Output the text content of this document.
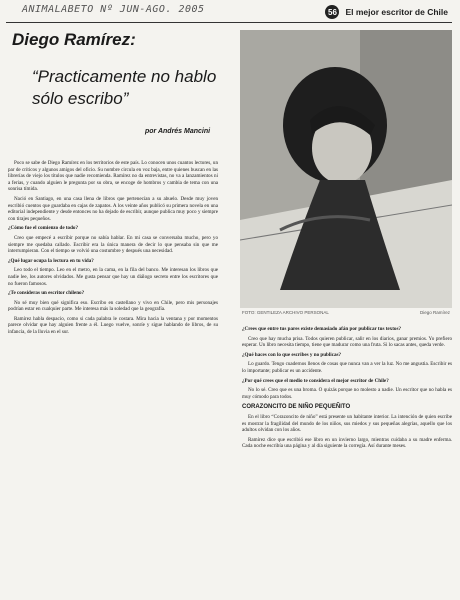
ANIMALABETO Nº JUN-AGO. 2005	56 El mejor escritor de Chile
Diego Ramírez:
“Practicamente no hablo sólo escribo”
por Andrés Mancini
FOTO: GENTILEZA ARCHIVO PERSONAL	Diego Ramírez

Poco se sabe de Diego Ramírez en los territorios de este país. Lo conocen unos cuantos lectores, un par de críticos y algunos amigos del oficio. Su nombre circula en voz baja, entre quienes buscan en las librerías de viejo los títulos que nadie recomienda. Ramírez no da entrevistas, no va a lanzamientos ni a ferias, y cuando alguien le pregunta por su obra, se encoge de hombros y cambia de tema con una sonrisa tímida.

Nació en Santiago, en una casa llena de libros que pertenecían a su abuelo. Desde muy joven escribió cuentos que guardaba en cajas de zapatos. A los veinte años publicó su primera novela en una editorial independiente y desde entonces no ha dejado de escribir, aunque publica muy poco y siempre con tirajes pequeños.

¿Cómo fue el comienzo de todo?

Creo que empecé a escribir porque no sabía hablar. En mi casa se conversaba mucho, pero yo siempre me quedaba callado. Escribir era la única manera de decir lo que pensaba sin que me interrumpieran. Con el tiempo se volvió una costumbre y después una necesidad.

¿Qué lugar ocupa la lectura en tu vida?

Leo todo el tiempo. Leo en el metro, en la cama, en la fila del banco. Me interesan los libros que nadie lee, los autores olvidados. Me gusta pensar que hay un diálogo secreto entre los escritores que no fueron famosos.

¿Te consideras un escritor chileno?

No sé muy bien qué significa eso. Escribo en castellano y vivo en Chile, pero mis personajes podrían estar en cualquier parte. Me interesa más la soledad que la geografía.

Ramírez habla despacio, como si cada palabra le costara. Mira hacia la ventana y por momentos parece olvidar que hay alguien frente a él. Luego vuelve, sonríe y sigue hablando de libros, de su infancia, de la lluvia en el sur.

¿Crees que entre tus pares existe demasiado afán por publicar tus textos?

Creo que hay mucha prisa. Todos quieren publicar, salir en los diarios, ganar premios. Yo prefiero esperar. Un libro necesita tiempo, tiene que madurar como una fruta. Si lo sacas antes, queda verde.

¿Qué haces con lo que escribes y no publicas?

Lo guardo. Tengo cuadernos llenos de cosas que nunca van a ver la luz. No me angustia. Escribir es lo importante; publicar es un accidente.

¿Por qué crees que el medio te considera el mejor escritor de Chile?

No lo sé. Creo que es una broma. O quizás porque no molesto a nadie. Un escritor que no habla es muy cómodo para todos.

CORAZONCITO DE NIÑO PEQUEÑITO

En el libro “Corazoncito de niño” está presente un habitante interior. La intención de quien escribe es mostrar la fragilidad del mundo de los niños, sus miedos y sus pequeñas alegrías, aquello que los adultos olvidan con los años.

Ramírez dice que escribió ese libro en un invierno largo, mientras cuidaba a su madre enferma. Cada noche escribía una página y al día siguiente la corregía. Así durante meses.
